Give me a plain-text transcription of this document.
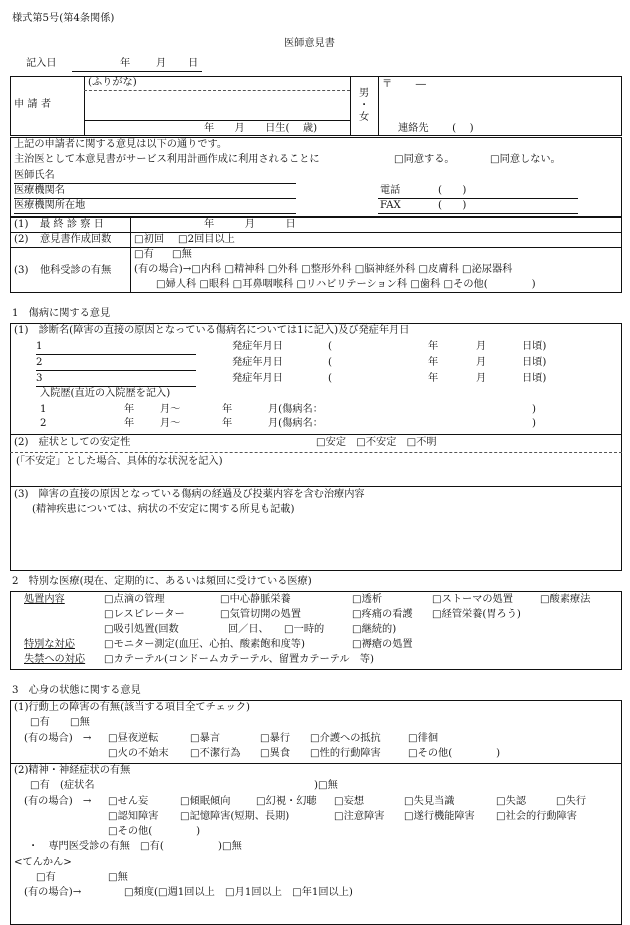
様式第5号(第4条関係)
医師意見書
記入日	年	月 日
申 請 者
(ふりがな)
年　　月　　日生(　 歳)
男
・
女
〒　　 ―
連絡先　　 (　 )
上記の申請者に関する意見は以下の通りです。
主治医として本意見書がサービス利用計画作成に利用されることに	□同意する。	□同意しない。
医師氏名
医療機関名
医療機関所在地
電話	(　　)
FAX	(　　)
(1) 最 終 診 察 日	年　　　月　　　日
(2) 意見書作成回数 □初回 □2回目以上
(3) 他科受診の有無
□有 □無
(有の場合)→□内科 □精神科 □外科 □整形外科 □脳神経外科 □皮膚科 □泌尿器科
□婦人科 □眼科 □耳鼻咽喉科 □リハビリテーション科 □歯科 □その他(　　　　 )
1　傷病に関する意見
(1)　診断名(障害の直接の原因となっている傷病名については1に記入)及び発症年月日
1	発症年月日	(	年	月	日頃)
2	発症年月日	(	年	月	日頃)
3	発症年月日	(	年	月	日頃)
入院歴(直近の入院歴を記入)
1	年	月～	年	月(傷病名：	)
2	年	月～	年	月(傷病名：	)
(2)　症状としての安定性	□安定　□不安定　□不明
(「不安定」とした場合、具体的な状況を記入)
(3)　障害の直接の原因となっている傷病の経過及び投薬内容を含む治療内容
(精神疾患については、病状の不安定に関する所見も記載)
2　特別な医療(現在、定期的に、あるいは頻回に受けている医療)
処置内容	□点滴の管理	□中心静脈栄養	□透析	□ストーマの処置	□酸素療法
□レスピレーター	□気管切開の処置	□疼痛の看護 □経管栄養(胃ろう)
□吸引処置(回数	回／日、 □一時的	□継続的)
特別な対応	□モニター測定(血圧、心拍、酸素飽和度等)	□褥瘡の処置
失禁への対応 □カテーテル(コンドームカテーテル、留置カテーテル　等)
3　心身の状態に関する意見
(1)行動上の障害の有無(該当する項目全てチェック)
□有 □無
(有の場合)　→ □昼夜逆転	□暴言	□暴行 □介護への抵抗	□徘徊
□火の不始末 □不潔行為 □異食 □性的行動障害	□その他(　　　　 )
(2)精神・神経症状の有無
□有　(症状名	)□無
(有の場合)　→ □せん妄	□傾眠傾向	□幻視・幻聴 □妄想	□失見当識	□失認	□失行
□認知障害 □記憶障害(短期、長期)	□注意障害 □遂行機能障害 □社会的行動障害
□その他(　　　　 )
・　専門医受診の有無　□有(　　　　　 )□無
<てんかん>
□有	□無
(有の場合)→	□頻度(□週1回以上　□月1回以上　□年1回以上)
